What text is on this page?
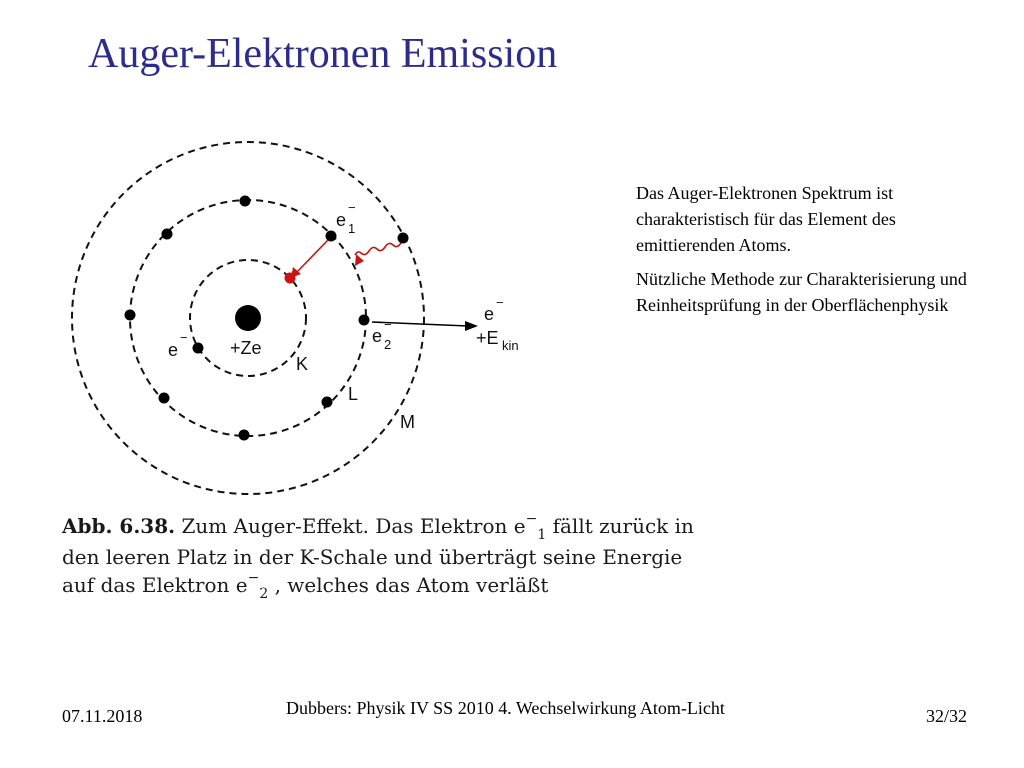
Auger-Elektronen Emission
e
−
1
+Ze
e
−	e
−
2
e
−
+E kin
K
L
M

Das Auger-Elektronen Spektrum ist charakteristisch für das Element des emittierenden Atoms.

Nützliche Methode zur Charakterisierung und Reinheitsprüfung in der Oberflächenphysik

Abb. 6.38. Zum Auger-Effekt. Das Elektron $e^-_1$ fällt zurück in
den leeren Platz in der K-Schale und überträgt seine Energie
auf das Elektron $e^-_2$ , welches das Atom verläßt
07.11.2018	Dubbers: Physik IV SS 2010 4. Wechselwirkung Atom-Licht	32/32
